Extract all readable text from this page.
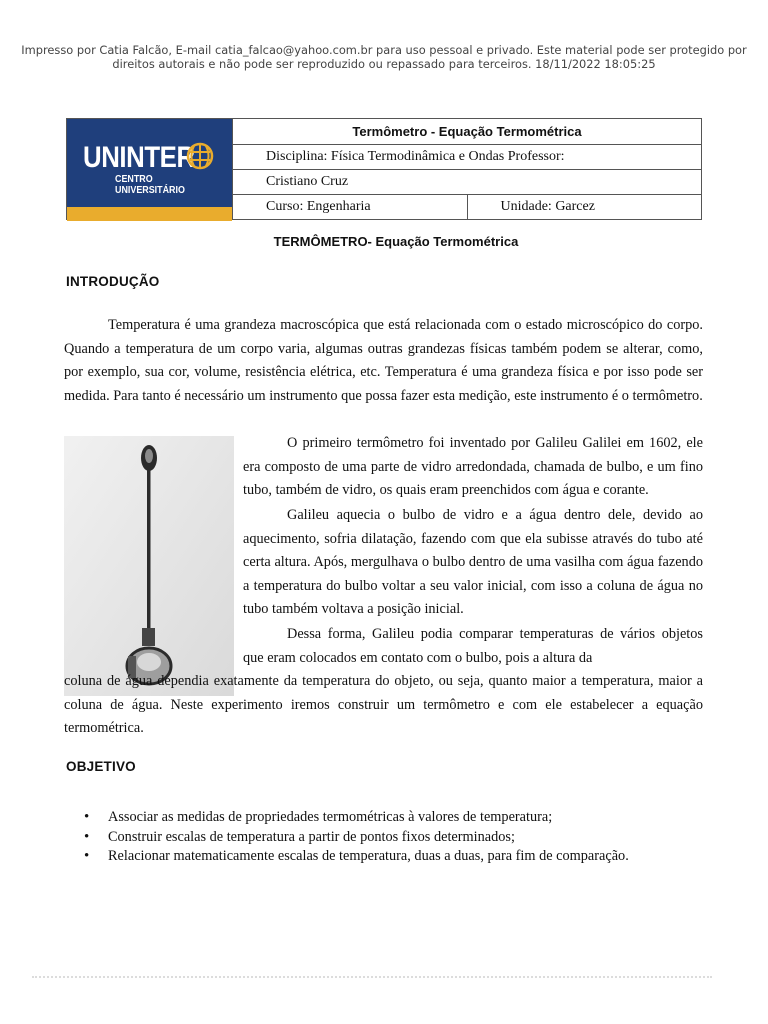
Impresso por Catia Falcão, E-mail catia_falcao@yahoo.com.br para uso pessoal e privado. Este material pode ser protegido por
direitos autorais e não pode ser reproduzido ou repassado para terceiros. 18/11/2022 18:05:25
UNINTER
CENTRO
UNIVERSITÁRIO	Termômetro - Equação Termométrica	
	Disciplina: Física Termodinâmica e Ondas Professor:	
	Cristiano Cruz	
	Curso: Engenharia	Unidade: Garcez
TERMÔMETRO- Equação Termométrica
INTRODUÇÃO
Temperatura é uma grandeza macroscópica que está relacionada com o estado microscópico do corpo. Quando a temperatura de um corpo varia, algumas outras grandezas físicas também podem se alterar, como, por exemplo, sua cor, volume, resistência elétrica, etc. Temperatura é uma grandeza física e por isso pode ser medida. Para tanto é necessário um instrumento que possa fazer esta medição, este instrumento é o termômetro.
O primeiro termômetro foi inventado por Galileu Galilei em 1602, ele era composto de uma parte de vidro arredondada, chamada de bulbo, e um fino tubo, também de vidro, os quais eram preenchidos com água e corante.
Galileu aquecia o bulbo de vidro e a água dentro dele, devido ao aquecimento, sofria dilatação, fazendo com que ela subisse através do tubo até certa altura. Após, mergulhava o bulbo dentro de uma vasilha com água fazendo a temperatura do bulbo voltar a seu valor inicial, com isso a coluna de água no tubo também voltava a posição inicial.
Dessa forma, Galileu podia comparar temperaturas de vários objetos que eram colocados em contato com o bulbo, pois a altura da
coluna de água dependia exatamente da temperatura do objeto, ou seja, quanto maior a temperatura, maior a coluna de água. Neste experimento iremos construir um termômetro e com ele estabelecer a equação termométrica.
OBJETIVO
• Associar as medidas de propriedades termométricas à valores de temperatura;
• Construir escalas de temperatura a partir de pontos fixos determinados;
• Relacionar matematicamente escalas de temperatura, duas a duas, para fim de comparação.
